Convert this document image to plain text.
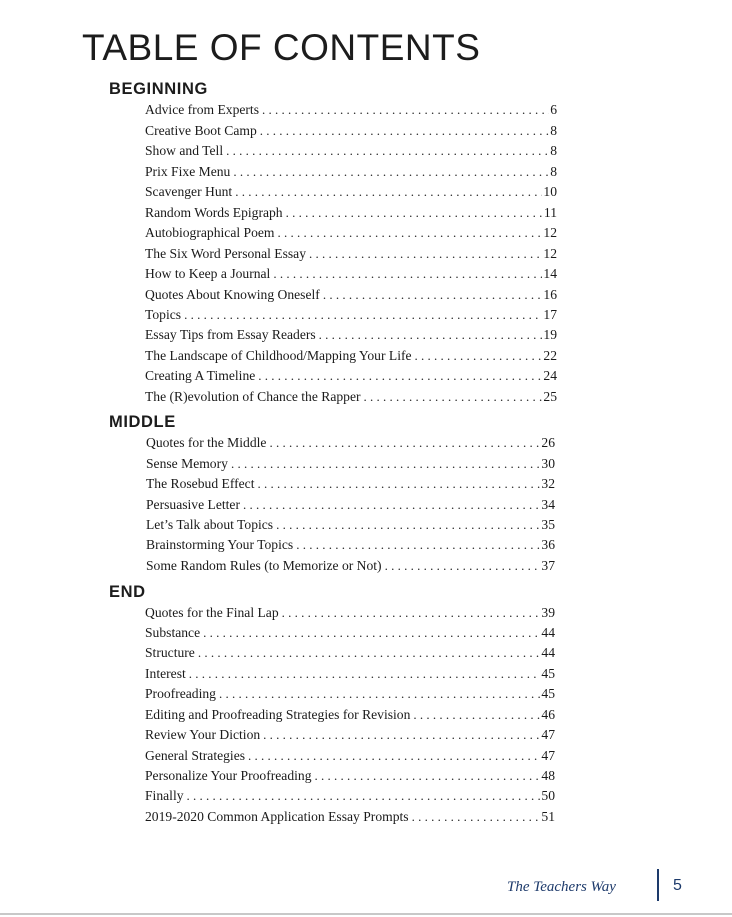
TABLE OF CONTENTS
BEGINNING
Advice from Experts . . .	6
Creative Boot Camp . . .	8
Show and Tell . . .	8
Prix Fixe Menu . . .	8
Scavenger Hunt . . .	10
Random Words Epigraph . . .	11
Autobiographical Poem . . .	12
The Six Word Personal Essay . . .	12
How to Keep a Journal . . .	14
Quotes About Knowing Oneself . . .	16
Topics . . .	17
Essay Tips from Essay Readers . . .	19
The Landscape of Childhood/Mapping Your Life . . .	22
Creating A Timeline . . .	24
The (R)evolution of Chance the Rapper . . .	25
MIDDLE
Quotes for the Middle . . .	26
Sense Memory . . .	30
The Rosebud Effect . . .	32
Persuasive Letter . . .	34
Let’s Talk about Topics . . .	35
Brainstorming Your Topics . . .	36
Some Random Rules (to Memorize or Not) . . .	37
END
Quotes for the Final Lap . . .	39
Substance . . .	44
Structure . . .	44
Interest . . .	45
Proofreading . . .	45
Editing and Proofreading Strategies for Revision . . .	46
Review Your Diction . . .	47
General Strategies . . .	47
Personalize Your Proofreading . . .	48
Finally . . .	50
2019-2020 Common Application Essay Prompts . . .	51
The Teachers Way	5
